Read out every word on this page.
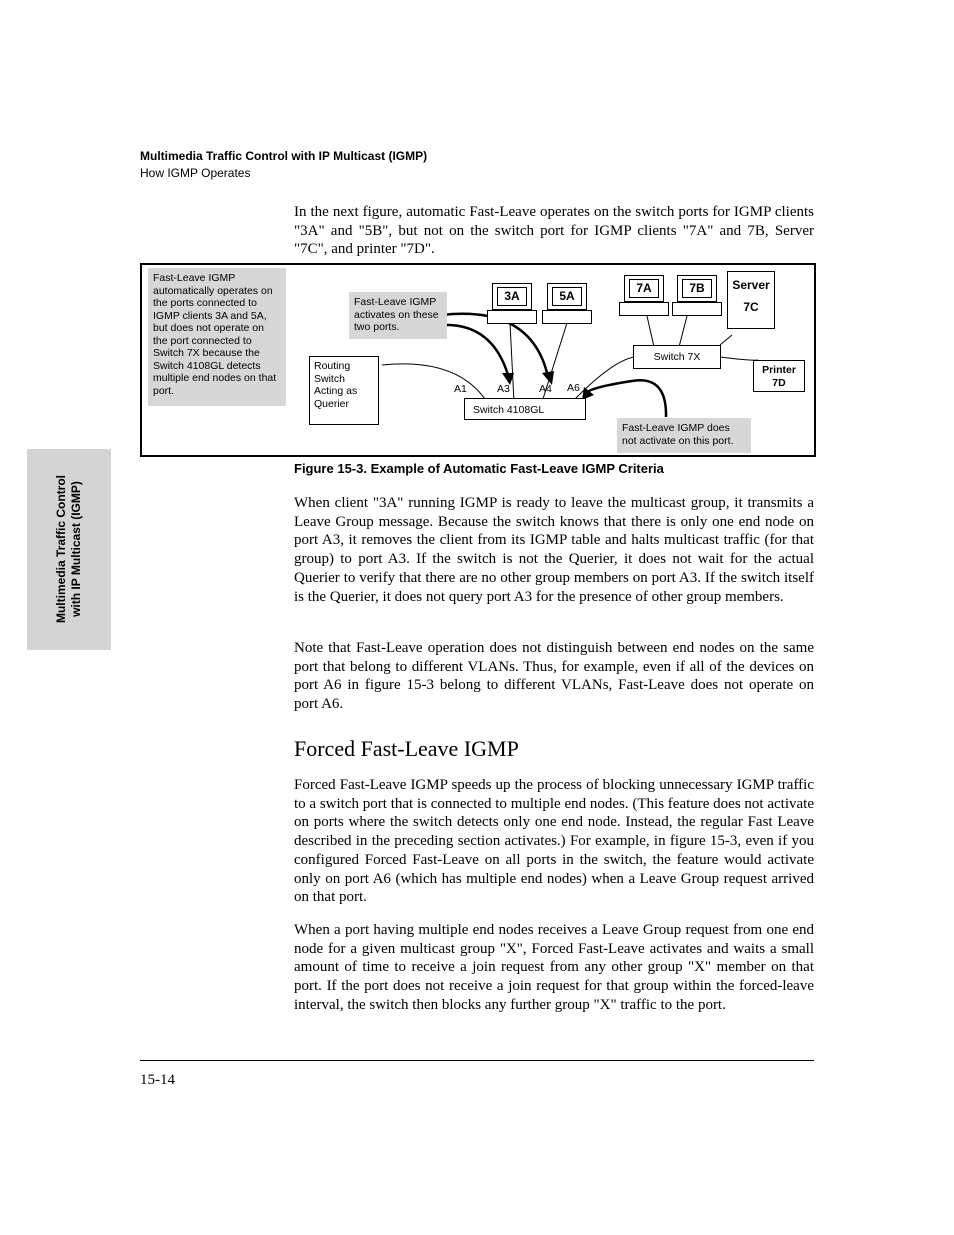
Multimedia Traffic Control with IP Multicast (IGMP)
How IGMP Operates
Multimedia Traffic Control with IP Multicast (IGMP)

In the next figure, automatic Fast-Leave operates on the switch ports for IGMP clients "3A" and "5B", but not on the switch port for IGMP clients "7A" and 7B, Server "7C", and printer "7D".

Fast-Leave IGMP automatically operates on the ports connected to IGMP clients 3A and 5A, but does not operate on the port connected to Switch 7X because the Switch 4108GL detects multiple end nodes on that port.
Fast-Leave IGMP activates on these two ports.
Routing Switch Acting as Querier
A1	A3	A4 A6
Switch 4108GL
3A	5A
7A	7B	Server
7C
Switch 7X
Printer
7D
Fast-Leave IGMP does not activate on this port.
Figure 15-3. Example of Automatic Fast-Leave IGMP Criteria

When client "3A" running IGMP is ready to leave the multicast group, it transmits a Leave Group message. Because the switch knows that there is only one end node on port A3, it removes the client from its IGMP table and halts multicast traffic (for that group) to port A3. If the switch is not the Querier, it does not wait for the actual Querier to verify that there are no other group members on port A3. If the switch itself is the Querier, it does not query port A3 for the presence of other group members.

Note that Fast-Leave operation does not distinguish between end nodes on the same port that belong to different VLANs. Thus, for example, even if all of the devices on port A6 in figure 15-3 belong to different VLANs, Fast-Leave does not operate on port A6.

Forced Fast-Leave IGMP

Forced Fast-Leave IGMP speeds up the process of blocking unnecessary IGMP traffic to a switch port that is connected to multiple end nodes. (This feature does not activate on ports where the switch detects only one end node. Instead, the regular Fast Leave described in the preceding section activates.) For example, in figure 15-3, even if you configured Forced Fast-Leave on all ports in the switch, the feature would activate only on port A6 (which has multiple end nodes) when a Leave Group request arrived on that port.

When a port having multiple end nodes receives a Leave Group request from one end node for a given multicast group "X", Forced Fast-Leave activates and waits a small amount of time to receive a join request from any other group "X" member on that port. If the port does not receive a join request for that group within the forced-leave interval, the switch then blocks any further group "X" traffic to the port.

15-14
